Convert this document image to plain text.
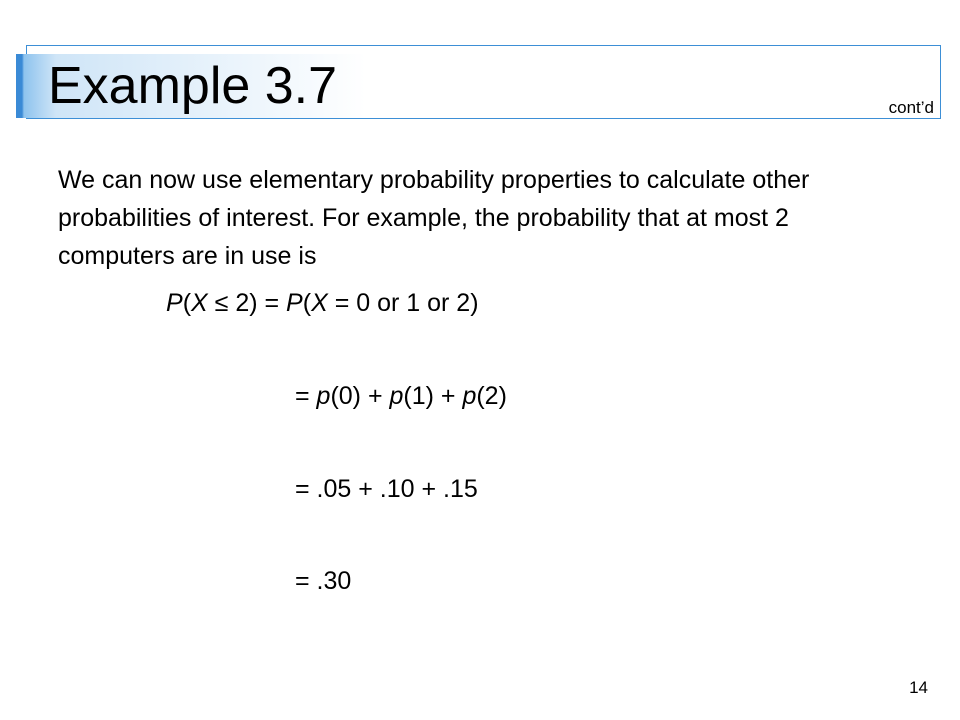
Example 3.7	cont’d

We can now use elementary probability properties to calculate other probabilities of interest. For example, the probability that at most 2 computers are in use is

P(X ≤ 2) = P(X = 0 or 1 or 2)
= p(0) + p(1) + p(2)
= .05 + .10 + .15
= .30
14
